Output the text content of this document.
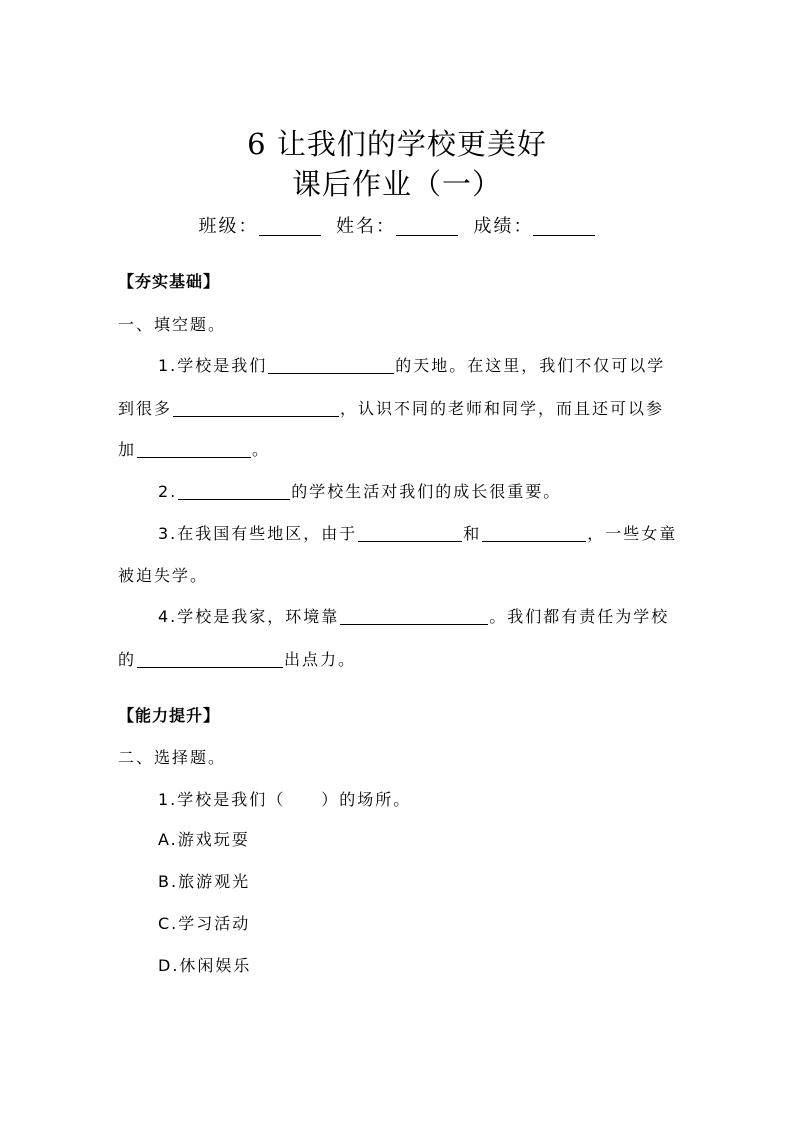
6 让我们的学校更美好
课后作业（一）
班级：	姓名：	成绩：
【夯实基础】
一、填空题。
1.学校是我们	的天地。在这里，我们不仅可以学
到很多	，认识不同的老师和同学，而且还可以参
加	。
2.	的学校生活对我们的成长很重要。
3.在我国有些地区，由于	和	，一些女童
被迫失学。
4.学校是我家，环境靠	。我们都有责任为学校
的	出点力。
【能力提升】
二、选择题。
1.学校是我们（　　）的场所。
A.游戏玩耍
B.旅游观光
C.学习活动
D.休闲娱乐
